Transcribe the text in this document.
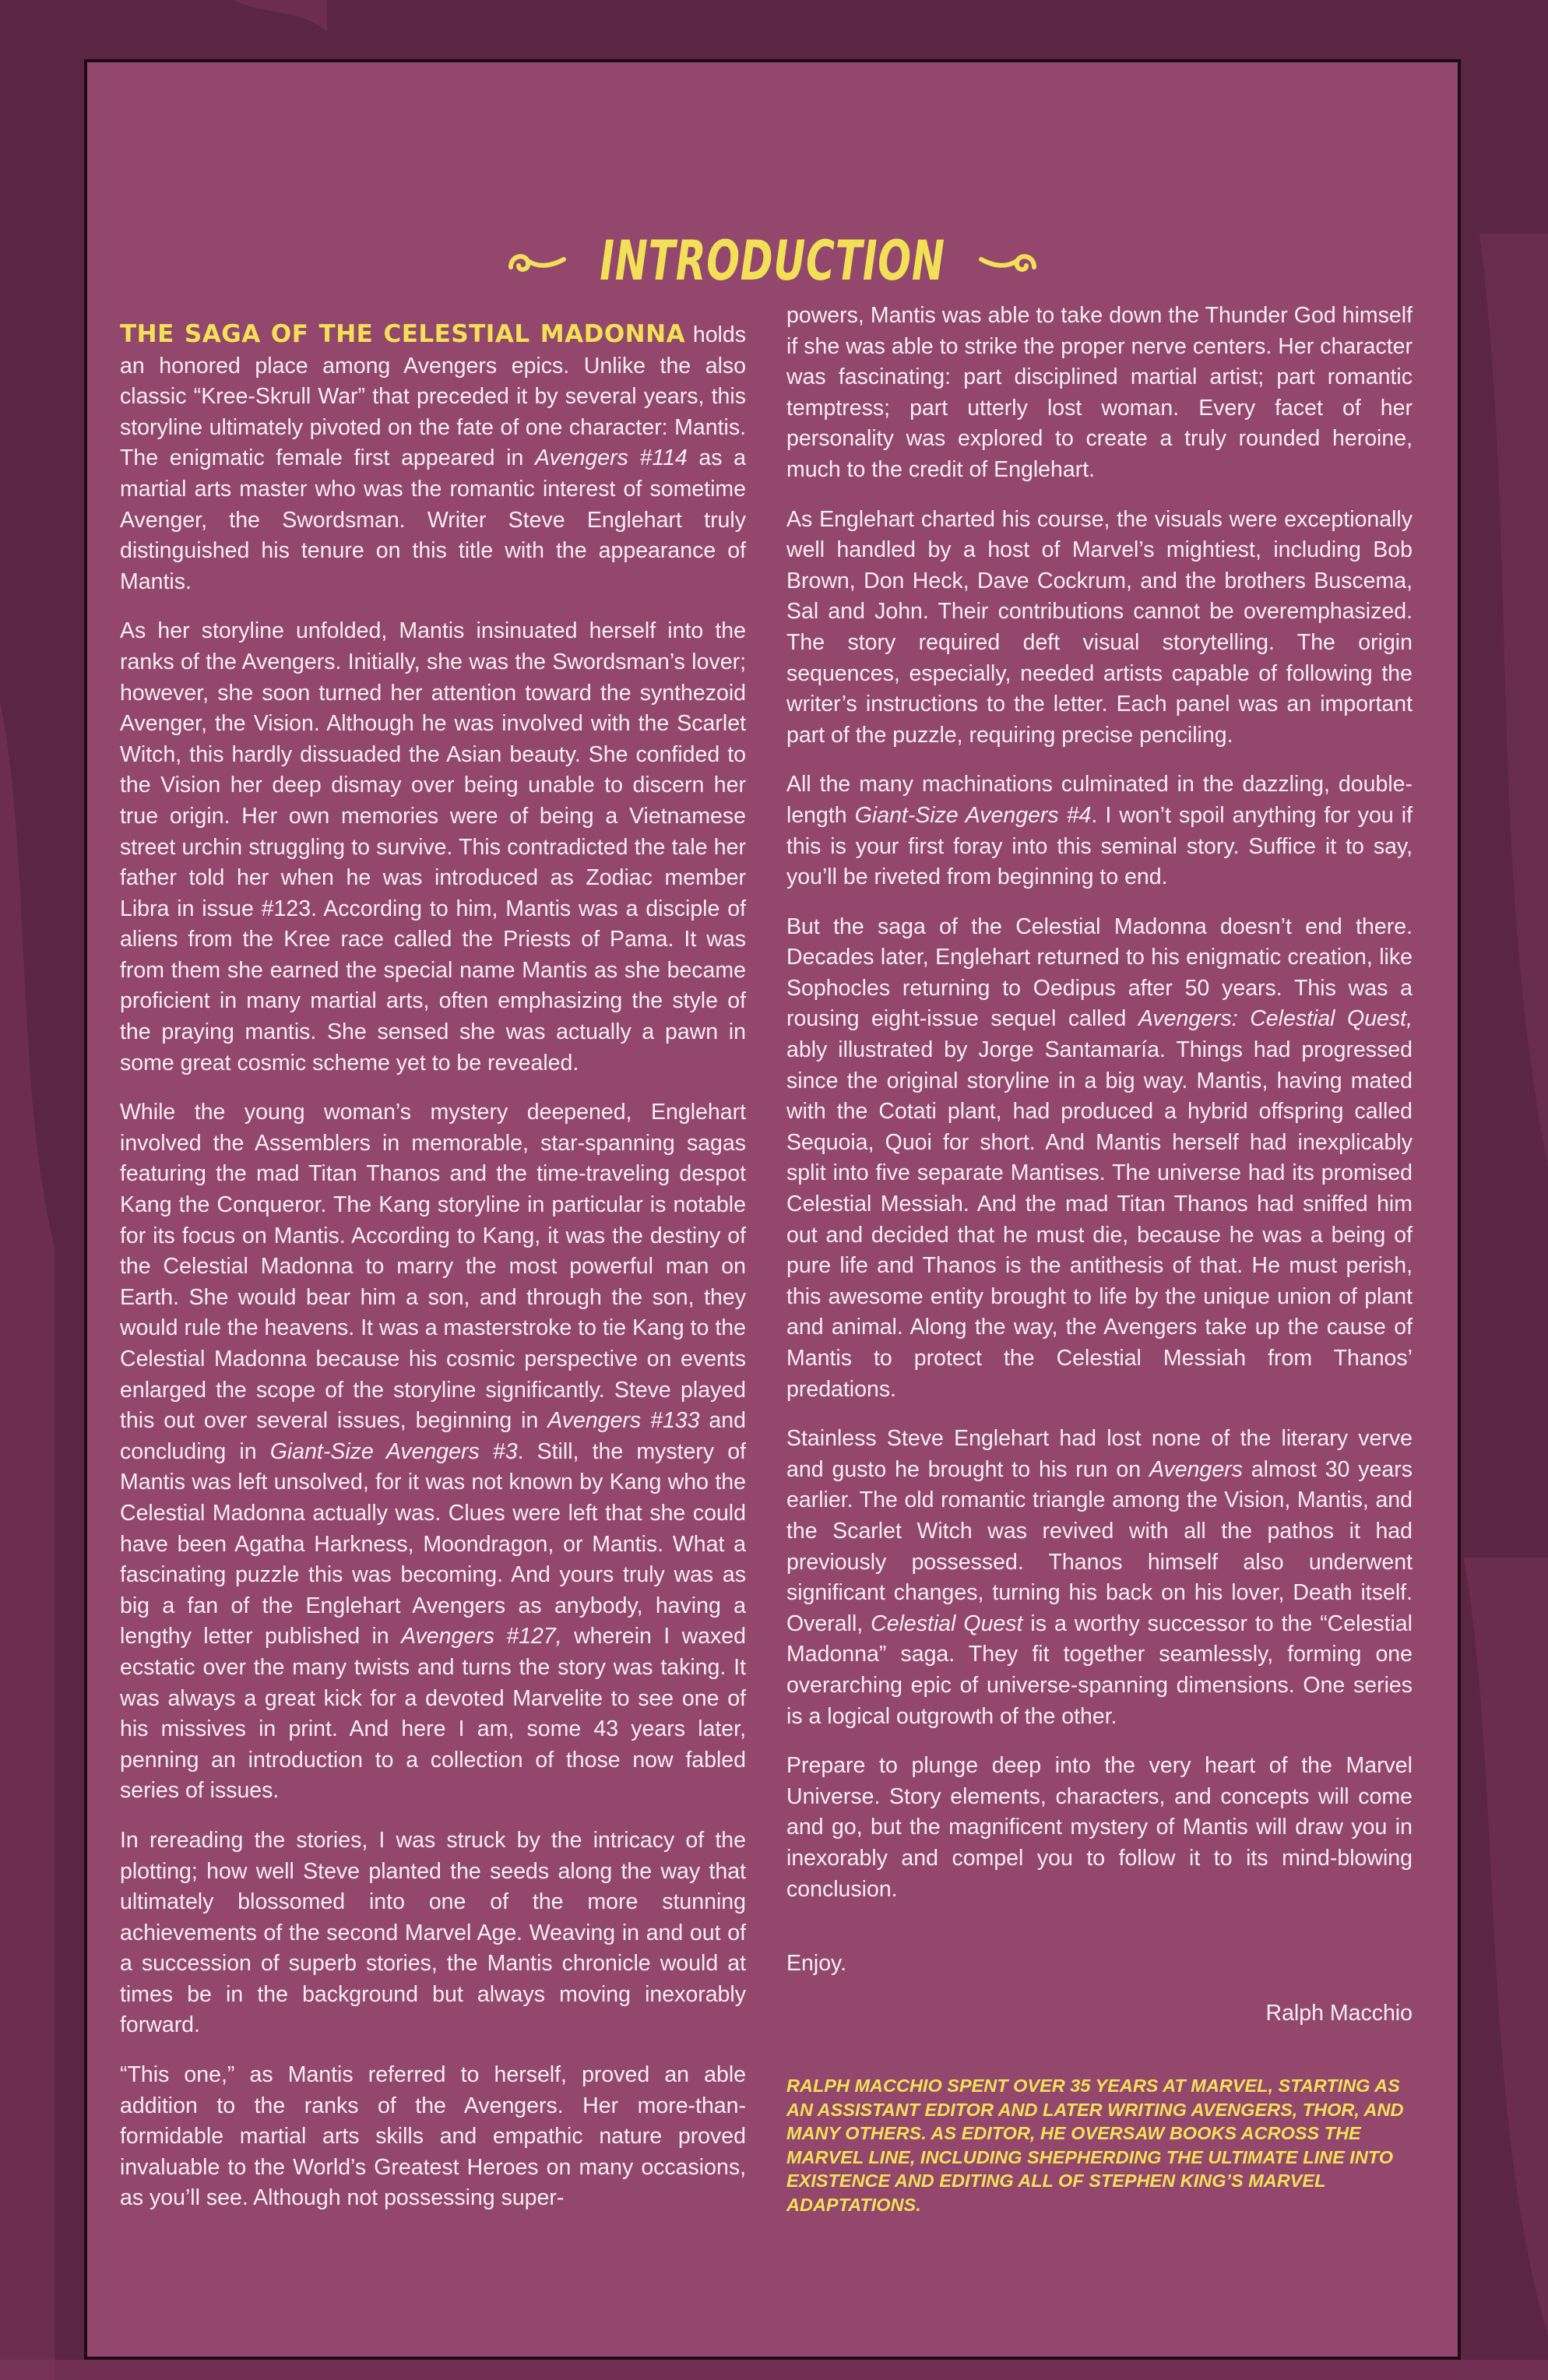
INTRODUCTION

THE SAGA OF THE CELESTIAL MADONNA holds an honored place among Avengers epics. Unlike the also classic “Kree-Skrull War” that preceded it by several years, this storyline ultimately pivoted on the fate of one character: Mantis. The enigmatic female first appeared in Avengers #114 as a martial arts master who was the romantic interest of sometime Avenger, the Swordsman. Writer Steve Englehart truly distinguished his tenure on this title with the appearance of Mantis.

As her storyline unfolded, Mantis insinuated herself into the ranks of the Avengers. Initially, she was the Swordsman’s lover; however, she soon turned her attention toward the synthezoid Avenger, the Vision. Although he was involved with the Scarlet Witch, this hardly dissuaded the Asian beauty. She confided to the Vision her deep dismay over being unable to discern her true origin. Her own memories were of being a Vietnamese street urchin struggling to survive. This contradicted the tale her father told her when he was introduced as Zodiac member Libra in issue #123. According to him, Mantis was a disciple of aliens from the Kree race called the Priests of Pama. It was from them she earned the special name Mantis as she became proficient in many martial arts, often emphasizing the style of the praying mantis. She sensed she was actually a pawn in some great cosmic scheme yet to be revealed.

While the young woman’s mystery deepened, Englehart involved the Assemblers in memorable, star-spanning sagas featuring the mad Titan Thanos and the time-traveling despot Kang the Conqueror. The Kang storyline in particular is notable for its focus on Mantis. According to Kang, it was the destiny of the Celestial Madonna to marry the most powerful man on Earth. She would bear him a son, and through the son, they would rule the heavens. It was a masterstroke to tie Kang to the Celestial Madonna because his cosmic perspective on events enlarged the scope of the storyline significantly. Steve played this out over several issues, beginning in Avengers #133 and concluding in Giant-Size Avengers #3. Still, the mystery of Mantis was left unsolved, for it was not known by Kang who the Celestial Madonna actually was. Clues were left that she could have been Agatha Harkness, Moondragon, or Mantis. What a fascinating puzzle this was becoming. And yours truly was as big a fan of the Englehart Avengers as anybody, having a lengthy letter published in Avengers #127, wherein I waxed ecstatic over the many twists and turns the story was taking. It was always a great kick for a devoted Marvelite to see one of his missives in print. And here I am, some 43 years later, penning an introduction to a collection of those now fabled series of issues.

In rereading the stories, I was struck by the intricacy of the plotting; how well Steve planted the seeds along the way that ultimately blossomed into one of the more stunning achievements of the second Marvel Age. Weaving in and out of a succession of superb stories, the Mantis chronicle would at times be in the background but always moving inexorably forward.

“This one,” as Mantis referred to herself, proved an able addition to the ranks of the Avengers. Her more-than-formidable martial arts skills and empathic nature proved invaluable to the World’s Greatest Heroes on many occasions, as you’ll see. Although not possessing super-

powers, Mantis was able to take down the Thunder God himself if she was able to strike the proper nerve centers. Her character was fascinating: part disciplined martial artist; part romantic temptress; part utterly lost woman. Every facet of her personality was explored to create a truly rounded heroine, much to the credit of Englehart.

As Englehart charted his course, the visuals were exceptionally well handled by a host of Marvel’s mightiest, including Bob Brown, Don Heck, Dave Cockrum, and the brothers Buscema, Sal and John. Their contributions cannot be overemphasized. The story required deft visual storytelling. The origin sequences, especially, needed artists capable of following the writer’s instructions to the letter. Each panel was an important part of the puzzle, requiring precise penciling.

All the many machinations culminated in the dazzling, double-length Giant-Size Avengers #4. I won’t spoil anything for you if this is your first foray into this seminal story. Suffice it to say, you’ll be riveted from beginning to end.

But the saga of the Celestial Madonna doesn’t end there. Decades later, Englehart returned to his enigmatic creation, like Sophocles returning to Oedipus after 50 years. This was a rousing eight-issue sequel called Avengers: Celestial Quest, ably illustrated by Jorge Santamaría. Things had progressed since the original storyline in a big way. Mantis, having mated with the Cotati plant, had produced a hybrid offspring called Sequoia, Quoi for short. And Mantis herself had inexplicably split into five separate Mantises. The universe had its promised Celestial Messiah. And the mad Titan Thanos had sniffed him out and decided that he must die, because he was a being of pure life and Thanos is the antithesis of that. He must perish, this awesome entity brought to life by the unique union of plant and animal. Along the way, the Avengers take up the cause of Mantis to protect the Celestial Messiah from Thanos’ predations.

Stainless Steve Englehart had lost none of the literary verve and gusto he brought to his run on Avengers almost 30 years earlier. The old romantic triangle among the Vision, Mantis, and the Scarlet Witch was revived with all the pathos it had previously possessed. Thanos himself also underwent significant changes, turning his back on his lover, Death itself. Overall, Celestial Quest is a worthy successor to the “Celestial Madonna” saga. They fit together seamlessly, forming one overarching epic of universe-spanning dimensions. One series is a logical outgrowth of the other.

Prepare to plunge deep into the very heart of the Marvel Universe. Story elements, characters, and concepts will come and go, but the magnificent mystery of Mantis will draw you in inexorably and compel you to follow it to its mind-blowing conclusion.

Enjoy.

Ralph Macchio

RALPH MACCHIO SPENT OVER 35 YEARS AT MARVEL, STARTING AS AN ASSISTANT EDITOR AND LATER WRITING AVENGERS, THOR, AND MANY OTHERS. AS EDITOR, HE OVERSAW BOOKS ACROSS THE MARVEL LINE, INCLUDING SHEPHERDING THE ULTIMATE LINE INTO EXISTENCE AND EDITING ALL OF STEPHEN KING’S MARVEL ADAPTATIONS.
